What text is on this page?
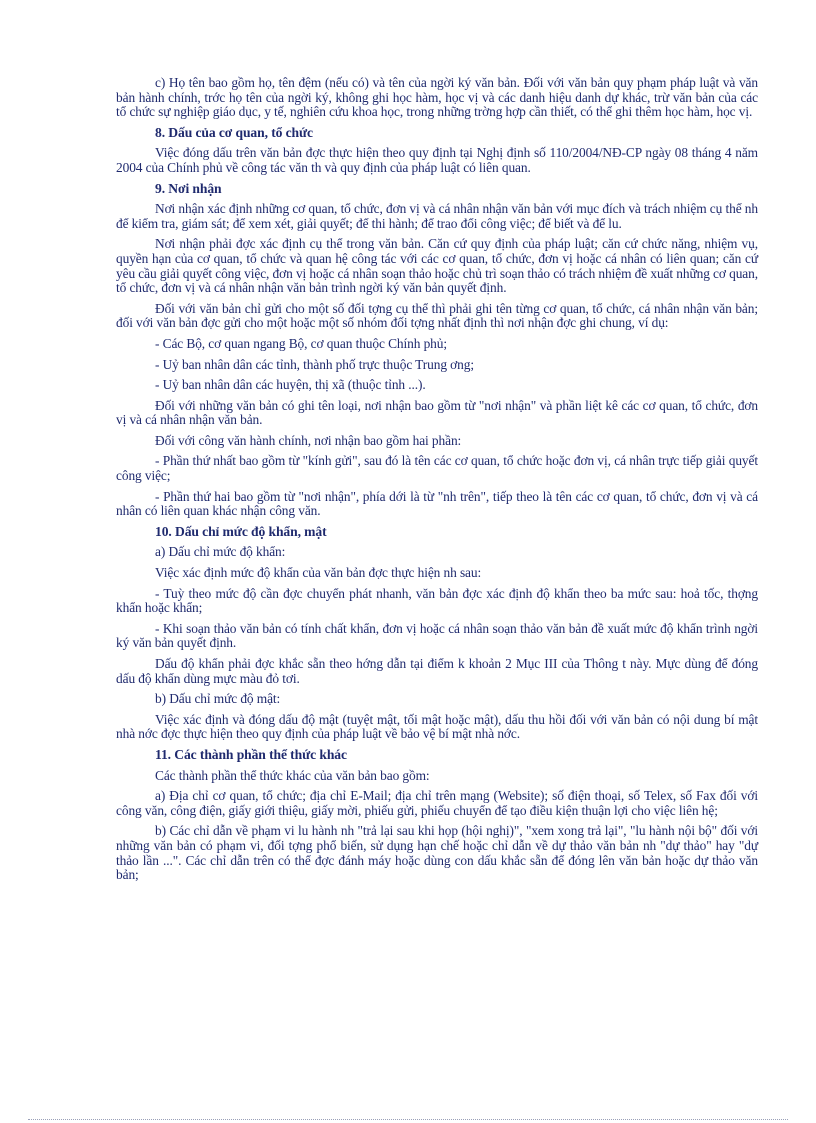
c) Họ tên bao gồm họ, tên đệm (nếu có) và tên của ngời ký văn bản. Đối với văn bản quy phạm pháp luật và văn bản hành chính, trớc họ tên của ngời ký, không ghi học hàm, học vị và các danh hiệu danh dự khác, trừ văn bản của các tổ chức sự nghiệp giáo dục, y tế, nghiên cứu khoa học, trong những trờng hợp cần thiết, có thể ghi thêm học hàm, học vị.

8. Dấu của cơ quan, tổ chức

Việc đóng dấu trên văn bản đợc thực hiện theo quy định tại Nghị định số 110/2004/NĐ-CP ngày 08 tháng 4 năm 2004 của Chính phủ về công tác văn th và quy định của pháp luật có liên quan.

9. Nơi nhận

Nơi nhận xác định những cơ quan, tổ chức, đơn vị và cá nhân nhận văn bản với mục đích và trách nhiệm cụ thể nh để kiểm tra, giám sát; để xem xét, giải quyết; để thi hành; để trao đổi công việc; để biết và để lu.

Nơi nhận phải đợc xác định cụ thể trong văn bản. Căn cứ quy định của pháp luật; căn cứ chức năng, nhiệm vụ, quyền hạn của cơ quan, tổ chức và quan hệ công tác với các cơ quan, tổ chức, đơn vị hoặc cá nhân có liên quan; căn cứ yêu cầu giải quyết công việc, đơn vị hoặc cá nhân soạn thảo hoặc chủ trì soạn thảo có trách nhiệm đề xuất những cơ quan, tổ chức, đơn vị và cá nhân nhận văn bản trình ngời ký văn bản quyết định.

Đối với văn bản chỉ gửi cho một số đối tợng cụ thể thì phải ghi tên từng cơ quan, tổ chức, cá nhân nhận văn bản; đối với văn bản đợc gửi cho một hoặc một số nhóm đối tợng nhất định thì nơi nhận đợc ghi chung, ví dụ:

- Các Bộ, cơ quan ngang Bộ, cơ quan thuộc Chính phủ;

- Uỷ ban nhân dân các tỉnh, thành phố trực thuộc Trung ơng;

- Uỷ ban nhân dân các huyện, thị xã (thuộc tỉnh ...).

Đối với những văn bản có ghi tên loại, nơi nhận bao gồm từ "nơi nhận" và phần liệt kê các cơ quan, tổ chức, đơn vị và cá nhân nhận văn bản.

Đối với công văn hành chính, nơi nhận bao gồm hai phần:

- Phần thứ nhất bao gồm từ "kính gửi", sau đó là tên các cơ quan, tổ chức hoặc đơn vị, cá nhân trực tiếp giải quyết công việc;

- Phần thứ hai bao gồm từ "nơi nhận", phía dới là từ "nh trên", tiếp theo là tên các cơ quan, tổ chức, đơn vị và cá nhân có liên quan khác nhận công văn.

10. Dấu chỉ mức độ khẩn, mật

a) Dấu chỉ mức độ khẩn:

Việc xác định mức độ khẩn của văn bản đợc thực hiện nh sau:

- Tuỳ theo mức độ cần đợc chuyển phát nhanh, văn bản đợc xác định độ khẩn theo ba mức sau: hoả tốc, thợng khẩn hoặc khẩn;

- Khi soạn thảo văn bản có tính chất khẩn, đơn vị hoặc cá nhân soạn thảo văn bản đề xuất mức độ khẩn trình ngời ký văn bản quyết định.

Dấu độ khẩn phải đợc khắc sẵn theo hớng dẫn tại điểm k khoản 2 Mục III của Thông t này. Mực dùng để đóng dấu độ khẩn dùng mực màu đỏ tơi.

b) Dấu chỉ mức độ mật:

Việc xác định và đóng dấu độ mật (tuyệt mật, tối mật hoặc mật), dấu thu hồi đối với văn bản có nội dung bí mật nhà nớc đợc thực hiện theo quy định của pháp luật về bảo vệ bí mật nhà nớc.

11. Các thành phần thể thức khác

Các thành phần thể thức khác của văn bản bao gồm:

a) Địa chỉ cơ quan, tổ chức; địa chỉ E-Mail; địa chỉ trên mạng (Website); số điện thoại, số Telex, số Fax đối với công văn, công điện, giấy giới thiệu, giấy mời, phiếu gửi, phiếu chuyển để tạo điều kiện thuận lợi cho việc liên hệ;

b) Các chỉ dẫn về phạm vi lu hành nh "trả lại sau khi họp (hội nghị)", "xem xong trả lại", "lu hành nội bộ" đối với những văn bản có phạm vi, đối tợng phổ biến, sử dụng hạn chế hoặc chỉ dẫn về dự thảo văn bản nh "dự thảo" hay "dự thảo lần ...". Các chỉ dẫn trên có thể đợc đánh máy hoặc dùng con dấu khắc sẵn để đóng lên văn bản hoặc dự thảo văn bản;
